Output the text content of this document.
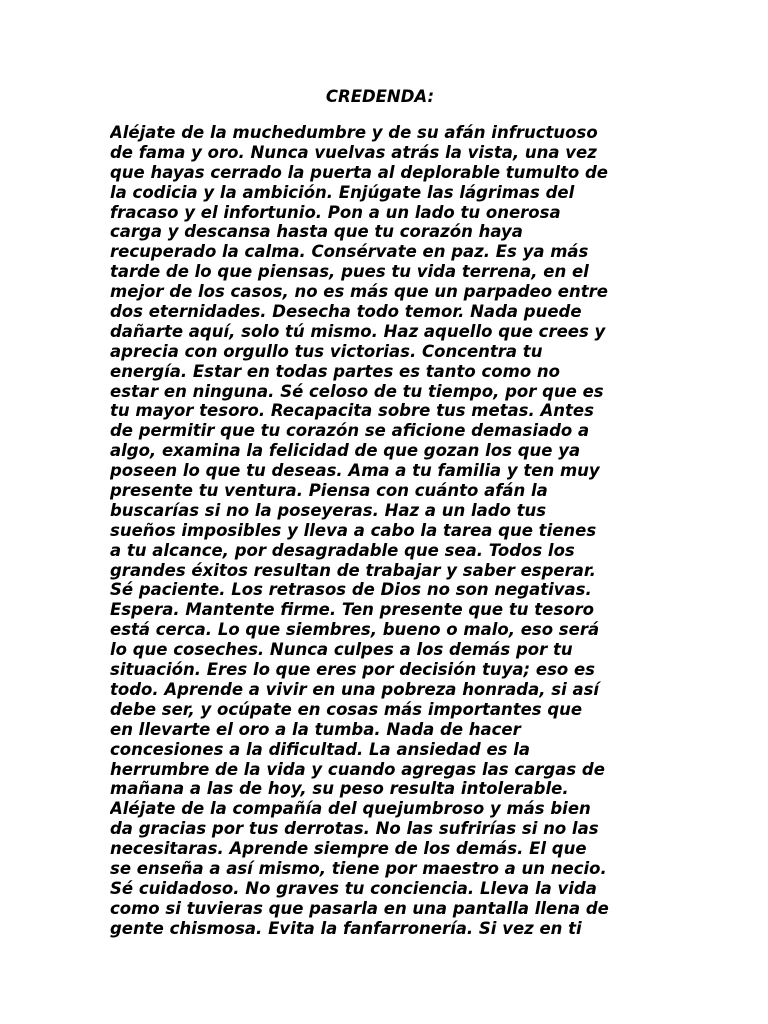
CREDENDA:
Aléjate de la muchedumbre y de su afán infructuoso
de fama y oro. Nunca vuelvas atrás la vista, una vez
que hayas cerrado la puerta al deplorable tumulto de
la codicia y la ambición. Enjúgate las lágrimas del
fracaso y el infortunio. Pon a un lado tu onerosa
carga y descansa hasta que tu corazón haya
recuperado la calma. Consérvate en paz. Es ya más
tarde de lo que piensas, pues tu vida terrena, en el
mejor de los casos, no es más que un parpadeo entre
dos eternidades. Desecha todo temor. Nada puede
dañarte aquí, solo tú mismo. Haz aquello que crees y
aprecia con orgullo tus victorias. Concentra tu
energía. Estar en todas partes es tanto como no
estar en ninguna. Sé celoso de tu tiempo, por que es
tu mayor tesoro. Recapacita sobre tus metas. Antes
de permitir que tu corazón se aficione demasiado a
algo, examina la felicidad de que gozan los que ya
poseen lo que tu deseas. Ama a tu familia y ten muy
presente tu ventura. Piensa con cuánto afán la
buscarías si no la poseyeras. Haz a un lado tus
sueños imposibles y lleva a cabo la tarea que tienes
a tu alcance, por desagradable que sea. Todos los
grandes éxitos resultan de trabajar y saber esperar.
Sé paciente. Los retrasos de Dios no son negativas.
Espera. Mantente firme. Ten presente que tu tesoro
está cerca. Lo que siembres, bueno o malo, eso será
lo que coseches. Nunca culpes a los demás por tu
situación. Eres lo que eres por decisión tuya; eso es
todo. Aprende a vivir en una pobreza honrada, si así
debe ser, y ocúpate en cosas más importantes que
en llevarte el oro a la tumba. Nada de hacer
concesiones a la dificultad. La ansiedad es la
herrumbre de la vida y cuando agregas las cargas de
mañana a las de hoy, su peso resulta intolerable.
Aléjate de la compañía del quejumbroso y más bien
da gracias por tus derrotas. No las sufrirías si no las
necesitaras. Aprende siempre de los demás. El que
se enseña a así mismo, tiene por maestro a un necio.
Sé cuidadoso. No graves tu conciencia. Lleva la vida
como si tuvieras que pasarla en una pantalla llena de
gente chismosa. Evita la fanfarronería. Si vez en ti
